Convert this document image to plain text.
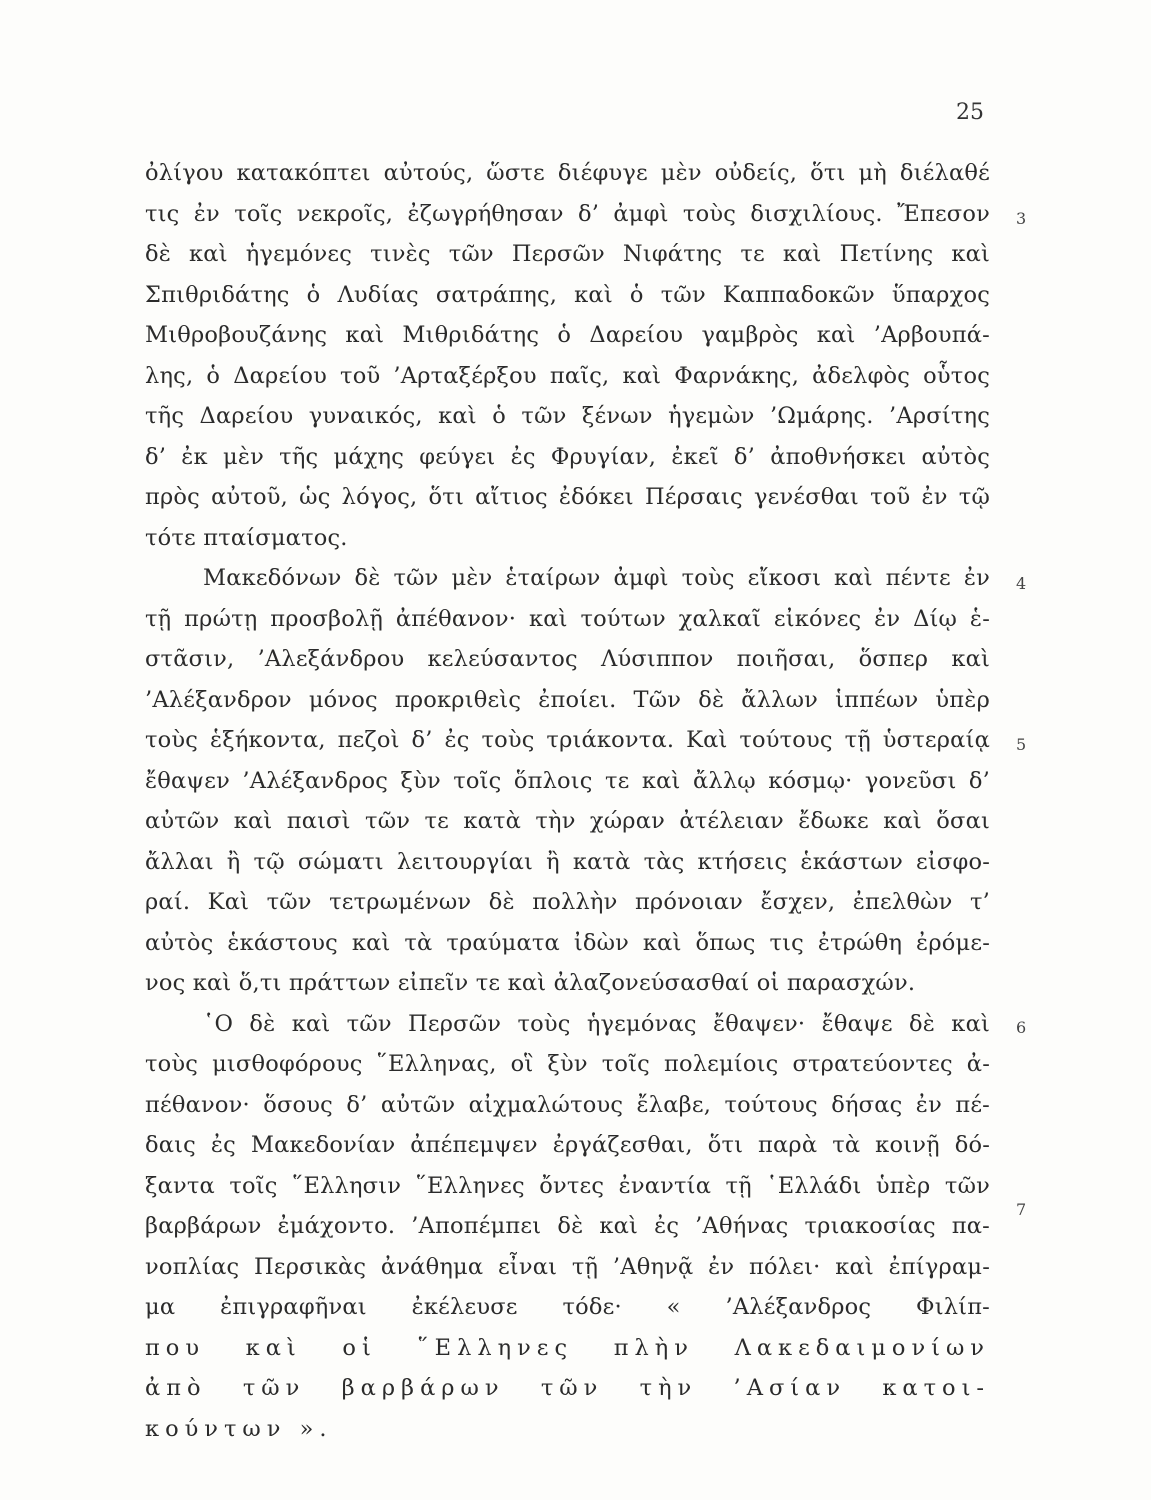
25
3
4
5
6
7
ὀλίγου κατακόπτει αὐτούς, ὥστε διέφυγε μὲν οὐδείς, ὅτι μὴ διέλαθέ
τις ἐν τοῖς νεκροῖς, ἐζωγρήθησαν δ’ ἀμφὶ τοὺς δισχιλίους. Ἔπεσον
δὲ καὶ ἡγεμόνες τινὲς τῶν Περσῶν Νιφάτης τε καὶ Πετίνης καὶ
Σπιθριδάτης ὁ Λυδίας σατράπης, καὶ ὁ τῶν Καππαδοκῶν ὕπαρχος
Μιθροβουζάνης καὶ Μιθριδάτης ὁ Δαρείου γαμβρὸς καὶ ’Αρβουπά-
λης, ὁ Δαρείου τοῦ ’Αρταξέρξου παῖς, καὶ Φαρνάκης, ἀδελφὸς οὗτος
τῆς Δαρείου γυναικός, καὶ ὁ τῶν ξένων ἡγεμὼν ’Ωμάρης. ’Αρσίτης
δ’ ἐκ μὲν τῆς μάχης φεύγει ἐς Φρυγίαν, ἐκεῖ δ’ ἀποθνήσκει αὐτὸς
πρὸς αὐτοῦ, ὡς λόγος, ὅτι αἴτιος ἐδόκει Πέρσαις γενέσθαι τοῦ ἐν τῷ
τότε πταίσματος.
Μακεδόνων δὲ τῶν μὲν ἑταίρων ἀμφὶ τοὺς εἴκοσι καὶ πέντε ἐν
τῇ πρώτῃ προσβολῇ ἀπέθανον· καὶ τούτων χαλκαῖ εἰκόνες ἐν Δίῳ ἑ-
στᾶσιν, ’Αλεξάνδρου κελεύσαντος Λύσιππον ποιῆσαι, ὅσπερ καὶ
’Αλέξανδρον μόνος προκριθεὶς ἐποίει. Τῶν δὲ ἄλλων ἱππέων ὑπὲρ
τοὺς ἑξήκοντα, πεζοὶ δ’ ἐς τοὺς τριάκοντα. Καὶ τούτους τῇ ὑστεραίᾳ
ἔθαψεν ’Αλέξανδρος ξὺν τοῖς ὅπλοις τε καὶ ἄλλῳ κόσμῳ· γονεῦσι δ’
αὐτῶν καὶ παισὶ τῶν τε κατὰ τὴν χώραν ἀτέλειαν ἔδωκε καὶ ὅσαι
ἄλλαι ἢ τῷ σώματι λειτουργίαι ἢ κατὰ τὰς κτήσεις ἑκάστων εἰσφο-
ραί. Καὶ τῶν τετρωμένων δὲ πολλὴν πρόνοιαν ἔσχεν, ἐπελθὼν τ’
αὐτὸς ἑκάστους καὶ τὰ τραύματα ἰδὼν καὶ ὅπως τις ἐτρώθη ἐρόμε-
νος καὶ ὅ,τι πράττων εἰπεῖν τε καὶ ἀλαζονεύσασθαί οἱ παρασχών.
῾Ο δὲ καὶ τῶν Περσῶν τοὺς ἡγεμόνας ἔθαψεν· ἔθαψε δὲ καὶ
τοὺς μισθοφόρους ῞Ελληνας, οἳ ξὺν τοῖς πολεμίοις στρατεύοντες ἀ-
πέθανον· ὅσους δ’ αὐτῶν αἰχμαλώτους ἔλαβε, τούτους δήσας ἐν πέ-
δαις ἐς Μακεδονίαν ἀπέπεμψεν ἐργάζεσθαι, ὅτι παρὰ τὰ κοινῇ δό-
ξαντα τοῖς ῞Ελλησιν ῞Ελληνες ὄντες ἐναντία τῇ ῾Ελλάδι ὑπὲρ τῶν
βαρβάρων ἐμάχοντο. ’Αποπέμπει δὲ καὶ ἐς ’Αθήνας τριακοσίας πα-
νοπλίας Περσικὰς ἀνάθημα εἶναι τῇ ’Αθηνᾷ ἐν πόλει· καὶ ἐπίγραμ-
μα ἐπιγραφῆναι ἐκέλευσε τόδε· « ’Αλέξανδρος Φιλίπ-
που καὶ οἱ ῞Ελληνες πλὴν Λακεδαιμονίων
ἀπὸ τῶν βαρβάρων τῶν τὴν ’Ασίαν κατοι-
κούντων ».
